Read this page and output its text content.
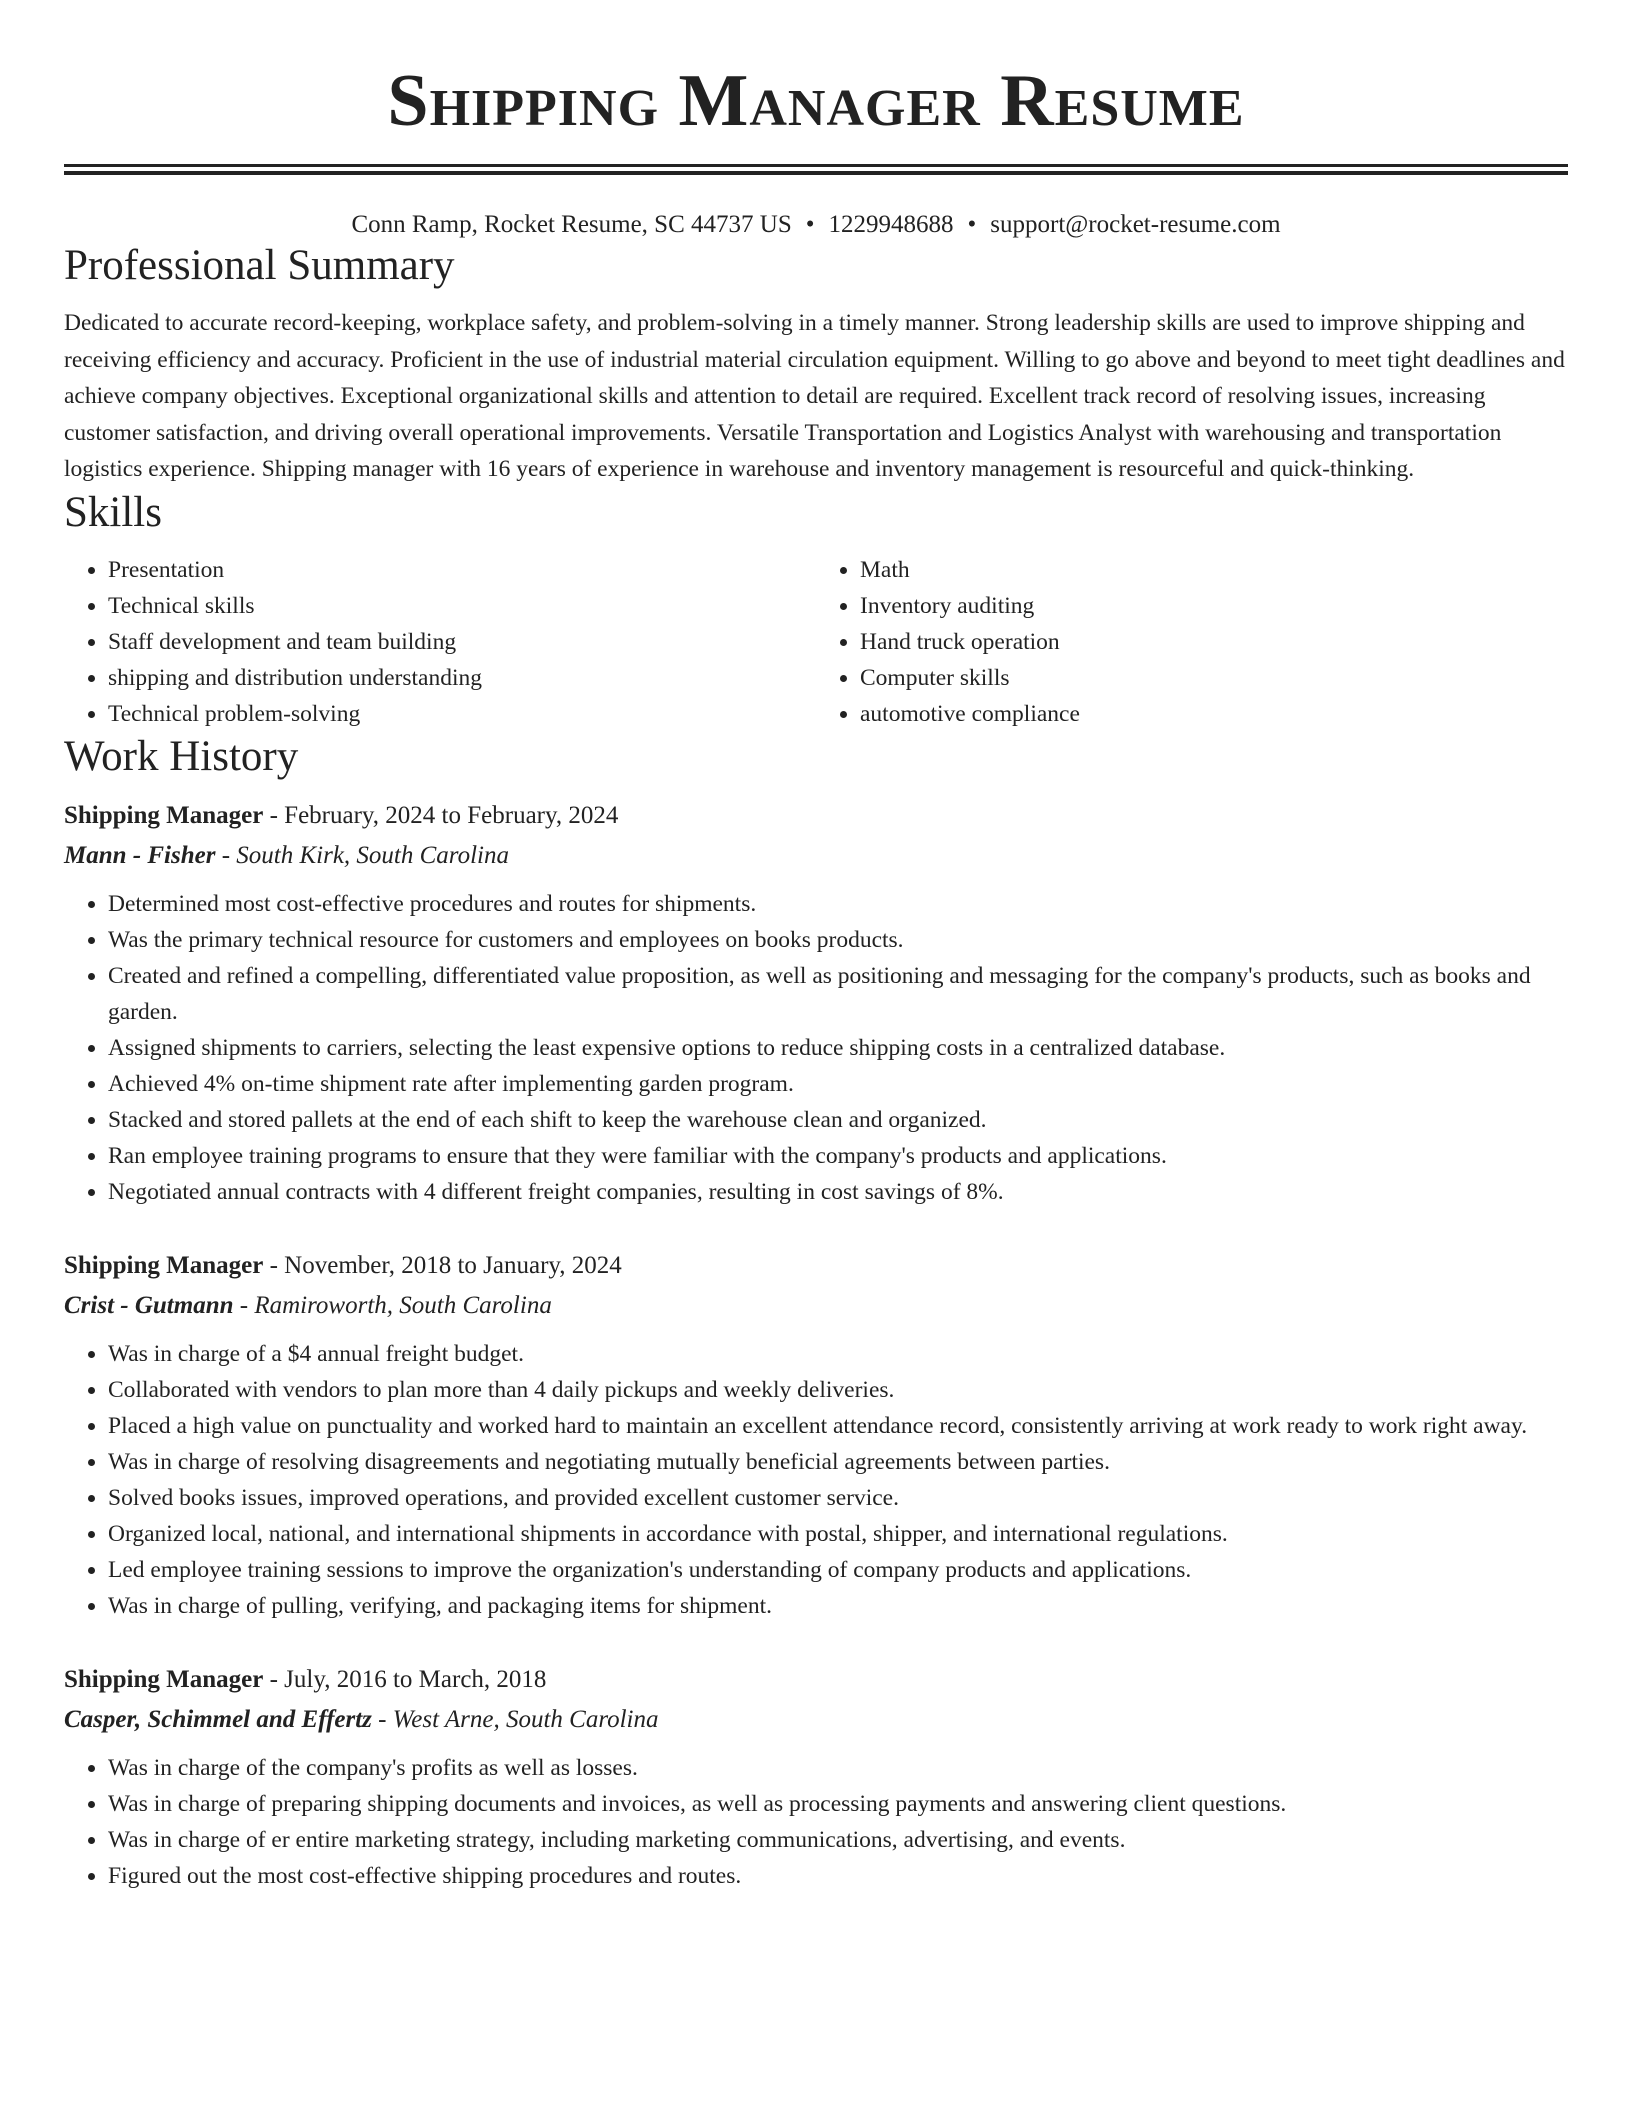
Shipping Manager Resume
Conn Ramp, Rocket Resume, SC 44737 US • 1229948688 • support@rocket-resume.com
Professional Summary

Dedicated to accurate record-keeping, workplace safety, and problem-solving in a timely manner. Strong leadership skills are used to improve shipping and receiving efficiency and accuracy. Proficient in the use of industrial material circulation equipment. Willing to go above and beyond to meet tight deadlines and achieve company objectives. Exceptional organizational skills and attention to detail are required. Excellent track record of resolving issues, increasing customer satisfaction, and driving overall operational improvements. Versatile Transportation and Logistics Analyst with warehousing and transportation logistics experience. Shipping manager with 16 years of experience in warehouse and inventory management is resourceful and quick-thinking.

Skills
• Presentation
• Technical skills
• Staff development and team building
• shipping and distribution understanding
• Technical problem-solving
• Math
• Inventory auditing
• Hand truck operation
• Computer skills
• automotive compliance
Work History
Shipping Manager - February, 2024 to February, 2024
Mann - Fisher - South Kirk, South Carolina
• Determined most cost-effective procedures and routes for shipments.
• Was the primary technical resource for customers and employees on books products.
• Created and refined a compelling, differentiated value proposition, as well as positioning and messaging for the company's products, such as books and garden.
• Assigned shipments to carriers, selecting the least expensive options to reduce shipping costs in a centralized database.
• Achieved 4% on-time shipment rate after implementing garden program.
• Stacked and stored pallets at the end of each shift to keep the warehouse clean and organized.
• Ran employee training programs to ensure that they were familiar with the company's products and applications.
• Negotiated annual contracts with 4 different freight companies, resulting in cost savings of 8%.
Shipping Manager - November, 2018 to January, 2024
Crist - Gutmann - Ramiroworth, South Carolina
• Was in charge of a $4 annual freight budget.
• Collaborated with vendors to plan more than 4 daily pickups and weekly deliveries.
• Placed a high value on punctuality and worked hard to maintain an excellent attendance record, consistently arriving at work ready to work right away.
• Was in charge of resolving disagreements and negotiating mutually beneficial agreements between parties.
• Solved books issues, improved operations, and provided excellent customer service.
• Organized local, national, and international shipments in accordance with postal, shipper, and international regulations.
• Led employee training sessions to improve the organization's understanding of company products and applications.
• Was in charge of pulling, verifying, and packaging items for shipment.
Shipping Manager - July, 2016 to March, 2018
Casper, Schimmel and Effertz - West Arne, South Carolina
• Was in charge of the company's profits as well as losses.
• Was in charge of preparing shipping documents and invoices, as well as processing payments and answering client questions.
• Was in charge of er entire marketing strategy, including marketing communications, advertising, and events.
• Figured out the most cost-effective shipping procedures and routes.
